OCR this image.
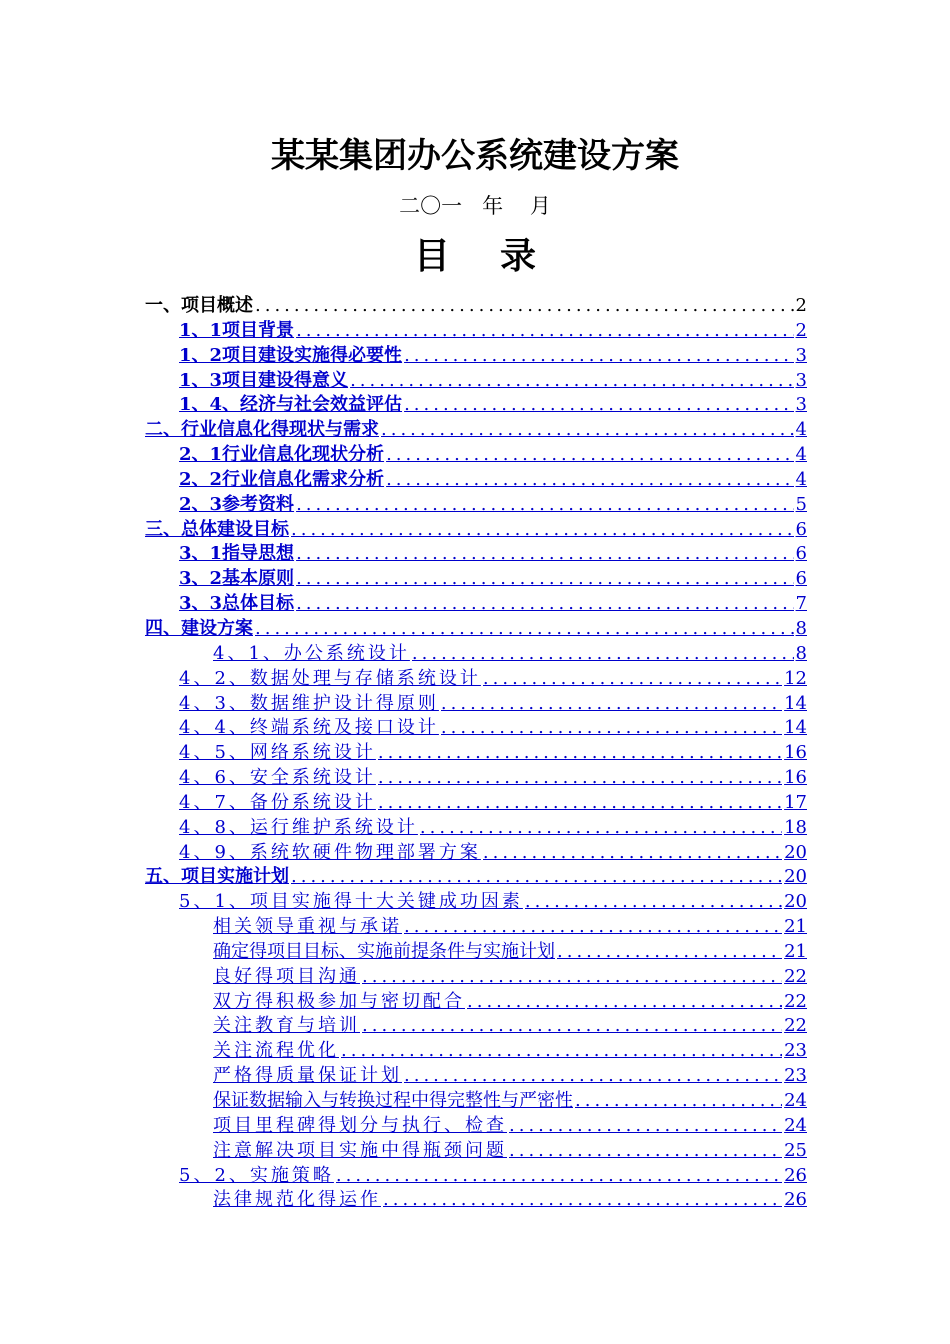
某某集团办公系统建设方案
二〇一   年    月
目    录
一、项目概述 .....	2
1、1项目背景 .....	2
1、2项目建设实施得必要性 .....	3
1、3项目建设得意义 .....	3
1、4、经济与社会效益评估 .....	3
二、行业信息化得现状与需求 .....	4
2、1行业信息化现状分析 .....	4
2、2行业信息化需求分析 .....	4
2、3参考资料 .....	5
三、总体建设目标 .....	6
3、1指导思想 .....	6
3、2基本原则 .....	6
3、3总体目标 .....	7
四、建设方案 .....	8
4、1、办公系统设计 .....	8
4、2、数据处理与存储系统设计 .....	12
4、3、数据维护设计得原则 .....	14
4、4、终端系统及接口设计 .....	14
4、5、网络系统设计 .....	16
4、6、安全系统设计 .....	16
4、7、备份系统设计 .....	17
4、8、运行维护系统设计 .....	18
4、9、系统软硬件物理部署方案 .....	20
五、项目实施计划 .....	20
5、1、项目实施得十大关键成功因素 .....	20
相关领导重视与承诺 .....	21
确定得项目目标、实施前提条件与实施计划 .....	21
良好得项目沟通 .....	22
双方得积极参加与密切配合 .....	22
关注教育与培训 .....	22
关注流程优化 .....	23
严格得质量保证计划 .....	23
保证数据输入与转换过程中得完整性与严密性 .....	24
项目里程碑得划分与执行、检查 .....	24
注意解决项目实施中得瓶颈问题 .....	25
5、2、实施策略 .....	26
法律规范化得运作 .....	26
